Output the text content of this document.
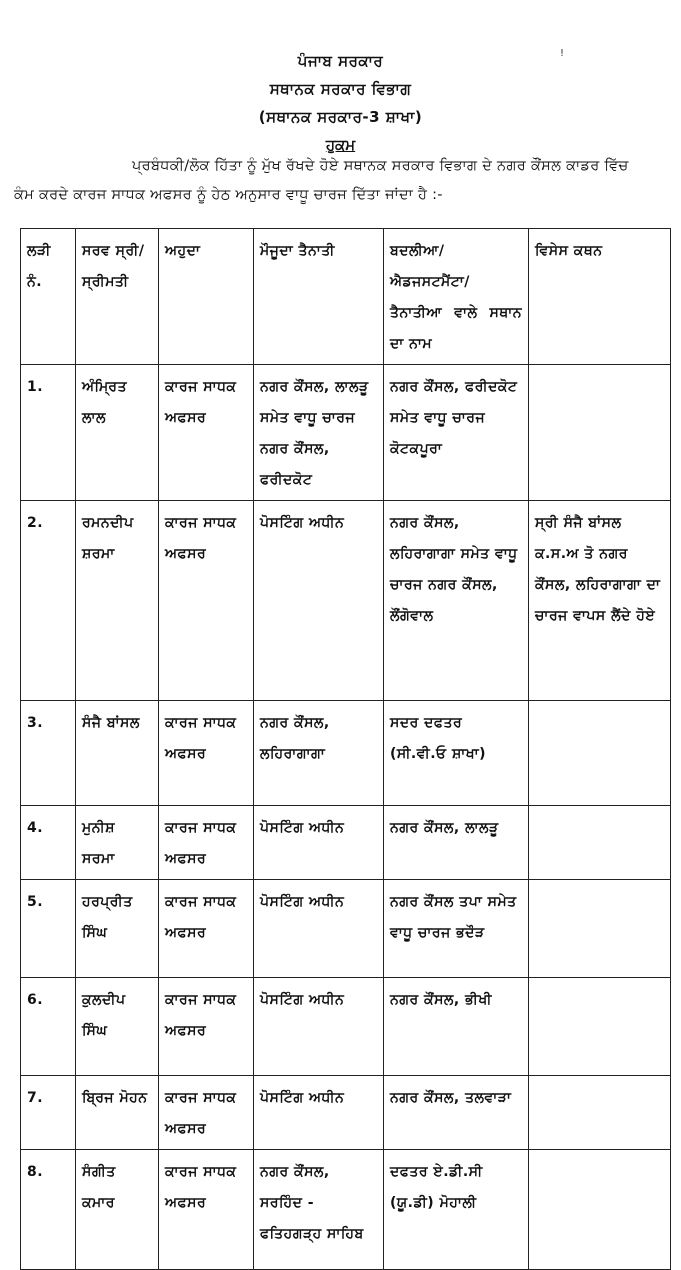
!
ਪੰਜਾਬ ਸਰਕਾਰ
ਸਥਾਨਕ ਸਰਕਾਰ ਵਿਭਾਗ
(ਸਥਾਨਕ ਸਰਕਾਰ-3 ਸ਼ਾਖਾ)
ਹੁਕਮ
ਪ੍ਰਬੰਧਕੀ/ਲੋਕ ਹਿੱਤਾ ਨੂੰ ਮੁੱਖ ਰੱਖਦੇ ਹੋਏ ਸਥਾਨਕ ਸਰਕਾਰ ਵਿਭਾਗ ਦੇ ਨਗਰ ਕੌਂਸਲ ਕਾਡਰ ਵਿੱਚ
ਕੰਮ ਕਰਦੇ ਕਾਰਜ ਸਾਧਕ ਅਫਸਰ ਨੂੰ ਹੇਠ ਅਨੁਸਾਰ ਵਾਧੂ ਚਾਰਜ ਦਿੱਤਾ ਜਾਂਦਾ ਹੈ :-
ਲੜੀ ਨੰ.	ਸਰਵ ਸ੍ਰੀ/ਸ੍ਰੀਮਤੀ	ਅਹੁਦਾ	ਮੌਜੂਦਾ ਤੈਨਾਤੀ	ਬਦਲੀਆ/ ਐਡਜਸਟਮੈਂਟਾ/ ਤੈਨਾਤੀਆ ਵਾਲੇ ਸਥਾਨ ਦਾ ਨਾਮ	ਵਿਸੇਸ ਕਥਨ
1.	ਅੰਮ੍ਰਿਤ ਲਾਲ	ਕਾਰਜ ਸਾਧਕ ਅਫਸਰ	ਨਗਰ ਕੌਂਸਲ, ਲਾਲੜੂ ਸਮੇਤ ਵਾਧੂ ਚਾਰਜ ਨਗਰ ਕੌਂਸਲ, ਫਰੀਦਕੋਟ	ਨਗਰ ਕੌਂਸਲ, ਫਰੀਦਕੋਟ ਸਮੇਤ ਵਾਧੂ ਚਾਰਜ ਕੋਟਕਪੂਰਾ	
2.	ਰਮਨਦੀਪ ਸ਼ਰਮਾ	ਕਾਰਜ ਸਾਧਕ ਅਫਸਰ	ਪੋਸਟਿੰਗ ਅਧੀਨ	ਨਗਰ ਕੌਂਸਲ, ਲਹਿਰਾਗਾਗਾ ਸਮੇਤ ਵਾਧੂ ਚਾਰਜ ਨਗਰ ਕੌਂਸਲ, ਲੌਂਗੋਵਾਲ	ਸ੍ਰੀ ਸੰਜੈ ਬਾਂਸਲ ਕ.ਸ.ਅ ਤੋ ਨਗਰ ਕੌਂਸਲ, ਲਹਿਰਾਗਾਗਾ ਦਾ ਚਾਰਜ ਵਾਪਸ ਲੈਂਦੇ ਹੋਏ
3.	ਸੰਜੈ ਬਾਂਸਲ	ਕਾਰਜ ਸਾਧਕ ਅਫਸਰ	ਨਗਰ ਕੌਂਸਲ, ਲਹਿਰਾਗਾਗਾ	ਸਦਰ ਦਫਤਰ (ਸੀ.ਵੀ.ਓ ਸ਼ਾਖਾ)	
4.	ਮੁਨੀਸ਼ ਸਰਮਾ	ਕਾਰਜ ਸਾਧਕ ਅਫਸਰ	ਪੋਸਟਿੰਗ ਅਧੀਨ	ਨਗਰ ਕੌਂਸਲ, ਲਾਲੜੂ	
5.	ਹਰਪ੍ਰੀਤ ਸਿੰਘ	ਕਾਰਜ ਸਾਧਕ ਅਫਸਰ	ਪੋਸਟਿੰਗ ਅਧੀਨ	ਨਗਰ ਕੌਂਸਲ ਤਪਾ ਸਮੇਤ ਵਾਧੂ ਚਾਰਜ ਭਦੌੜ	
6.	ਕੁਲਦੀਪ ਸਿੰਘ	ਕਾਰਜ ਸਾਧਕ ਅਫਸਰ	ਪੋਸਟਿੰਗ ਅਧੀਨ	ਨਗਰ ਕੌਂਸਲ, ਭੀਖੀ	
7.	ਬ੍ਰਿਜ ਮੋਹਨ	ਕਾਰਜ ਸਾਧਕ ਅਫਸਰ	ਪੋਸਟਿੰਗ ਅਧੀਨ	ਨਗਰ ਕੌਂਸਲ, ਤਲਵਾੜਾ	
8.	ਸੰਗੀਤ ਕਮਾਰ	ਕਾਰਜ ਸਾਧਕ ਅਫਸਰ	ਨਗਰ ਕੌਂਸਲ, ਸਰਹਿੰਦ - ਫਤਿਹਗੜ੍ਹ ਸਾਹਿਬ	ਦਫਤਰ ਏ.ਡੀ.ਸੀ (ਯੂ.ਡੀ) ਮੋਹਾਲੀ	
